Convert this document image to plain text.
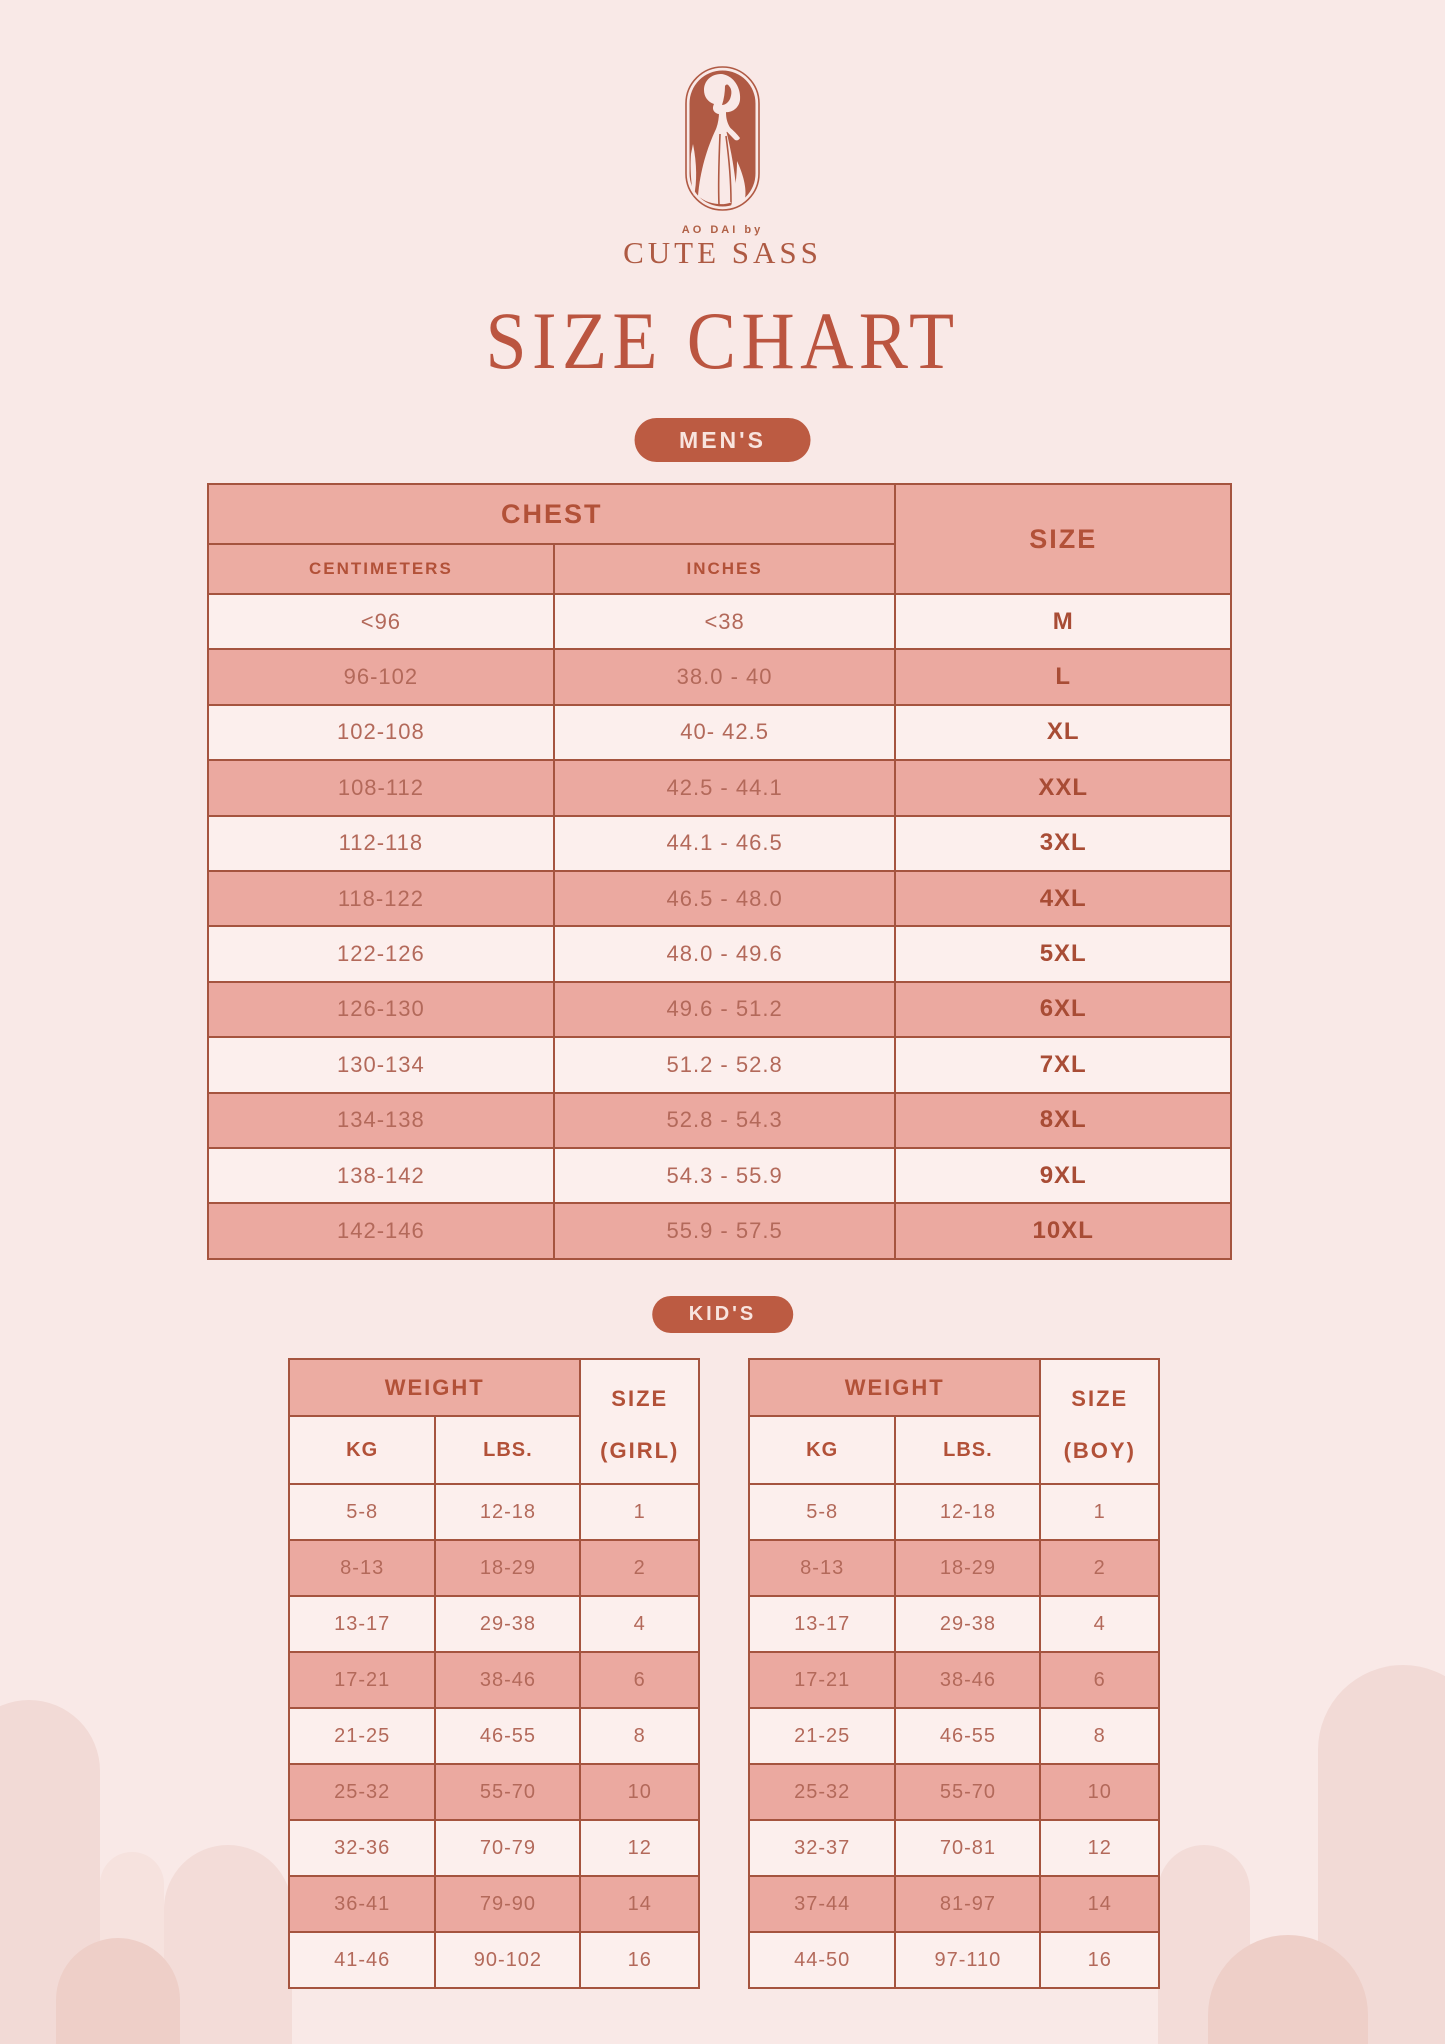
AO DAI by
CUTE SASS
SIZE CHART
MEN'S
CHEST		SIZE
CENTIMETERS	INCHES	
<96	<38	M
96-102	38.0 - 40	L
102-108	40- 42.5	XL
108-112	42.5 - 44.1	XXL
112-118	44.1 - 46.5	3XL
118-122	46.5 - 48.0	4XL
122-126	48.0 - 49.6	5XL
126-130	49.6 - 51.2	6XL
130-134	51.2 - 52.8	7XL
134-138	52.8 - 54.3	8XL
138-142	54.3 - 55.9	9XL
142-146	55.9 - 57.5	10XL
KID'S
WEIGHT		SIZE
(GIRL)

KG	LBS.	
5-8	12-18	1
8-13	18-29	2
13-17	29-38	4
17-21	38-46	6
21-25	46-55	8
25-32	55-70	10
32-36	70-79	12
36-41	79-90	14
41-46	90-102	16
WEIGHT		SIZE
(BOY)

KG	LBS.	
5-8	12-18	1
8-13	18-29	2
13-17	29-38	4
17-21	38-46	6
21-25	46-55	8
25-32	55-70	10
32-37	70-81	12
37-44	81-97	14
44-50	97-110	16
